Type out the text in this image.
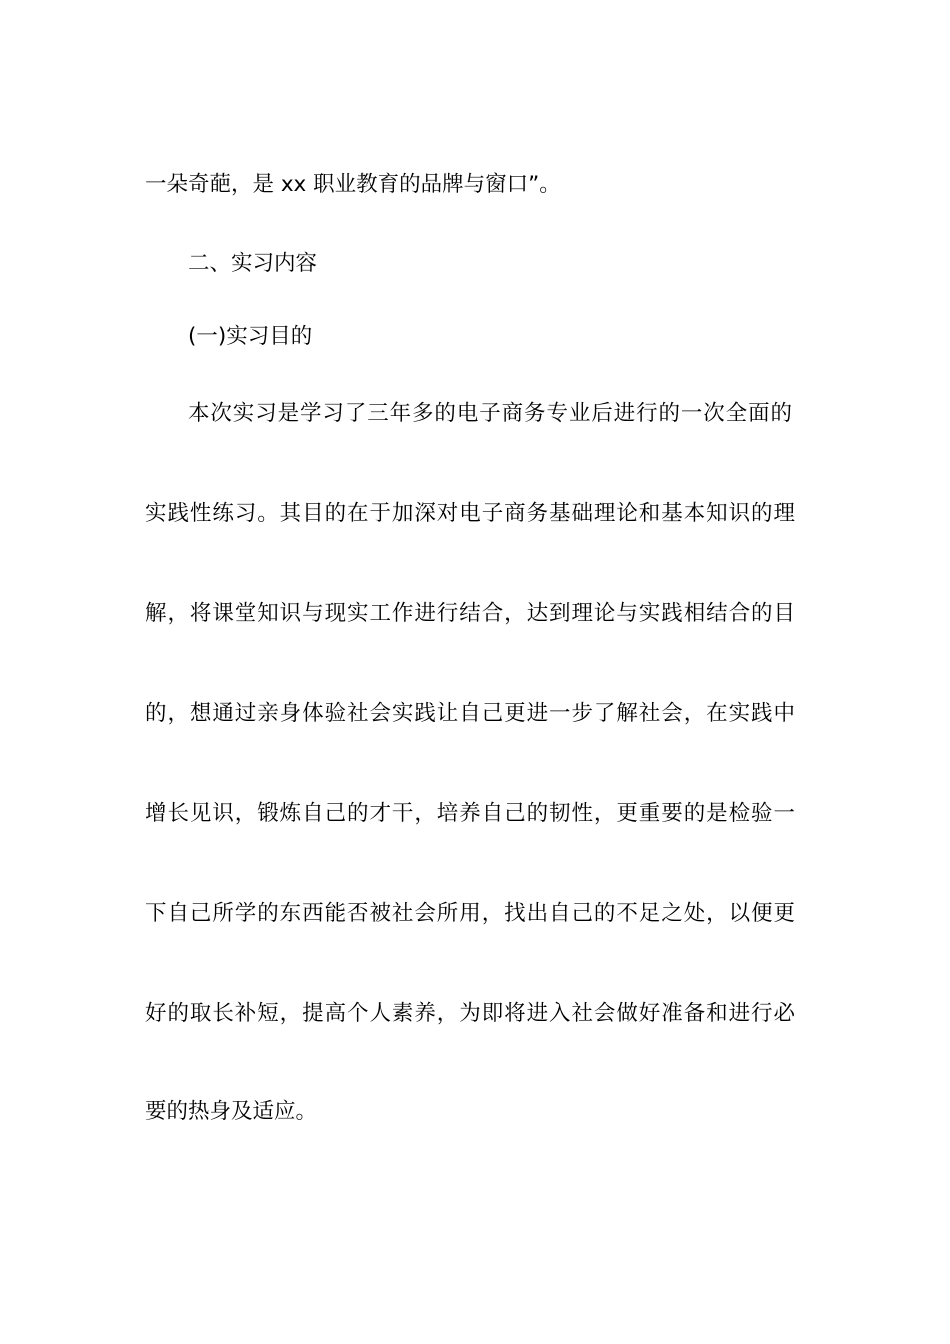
一朵奇葩，是 xx 职业教育的品牌与窗口”。
二、实习内容
(一)实习目的
本次实习是学习了三年多的电子商务专业后进行的一次全面的
实践性练习。其目的在于加深对电子商务基础理论和基本知识的理
解，将课堂知识与现实工作进行结合，达到理论与实践相结合的目
的，想通过亲身体验社会实践让自己更进一步了解社会，在实践中
增长见识，锻炼自己的才干，培养自己的韧性，更重要的是检验一
下自己所学的东西能否被社会所用，找出自己的不足之处，以便更
好的取长补短，提高个人素养，为即将进入社会做好准备和进行必
要的热身及适应。
